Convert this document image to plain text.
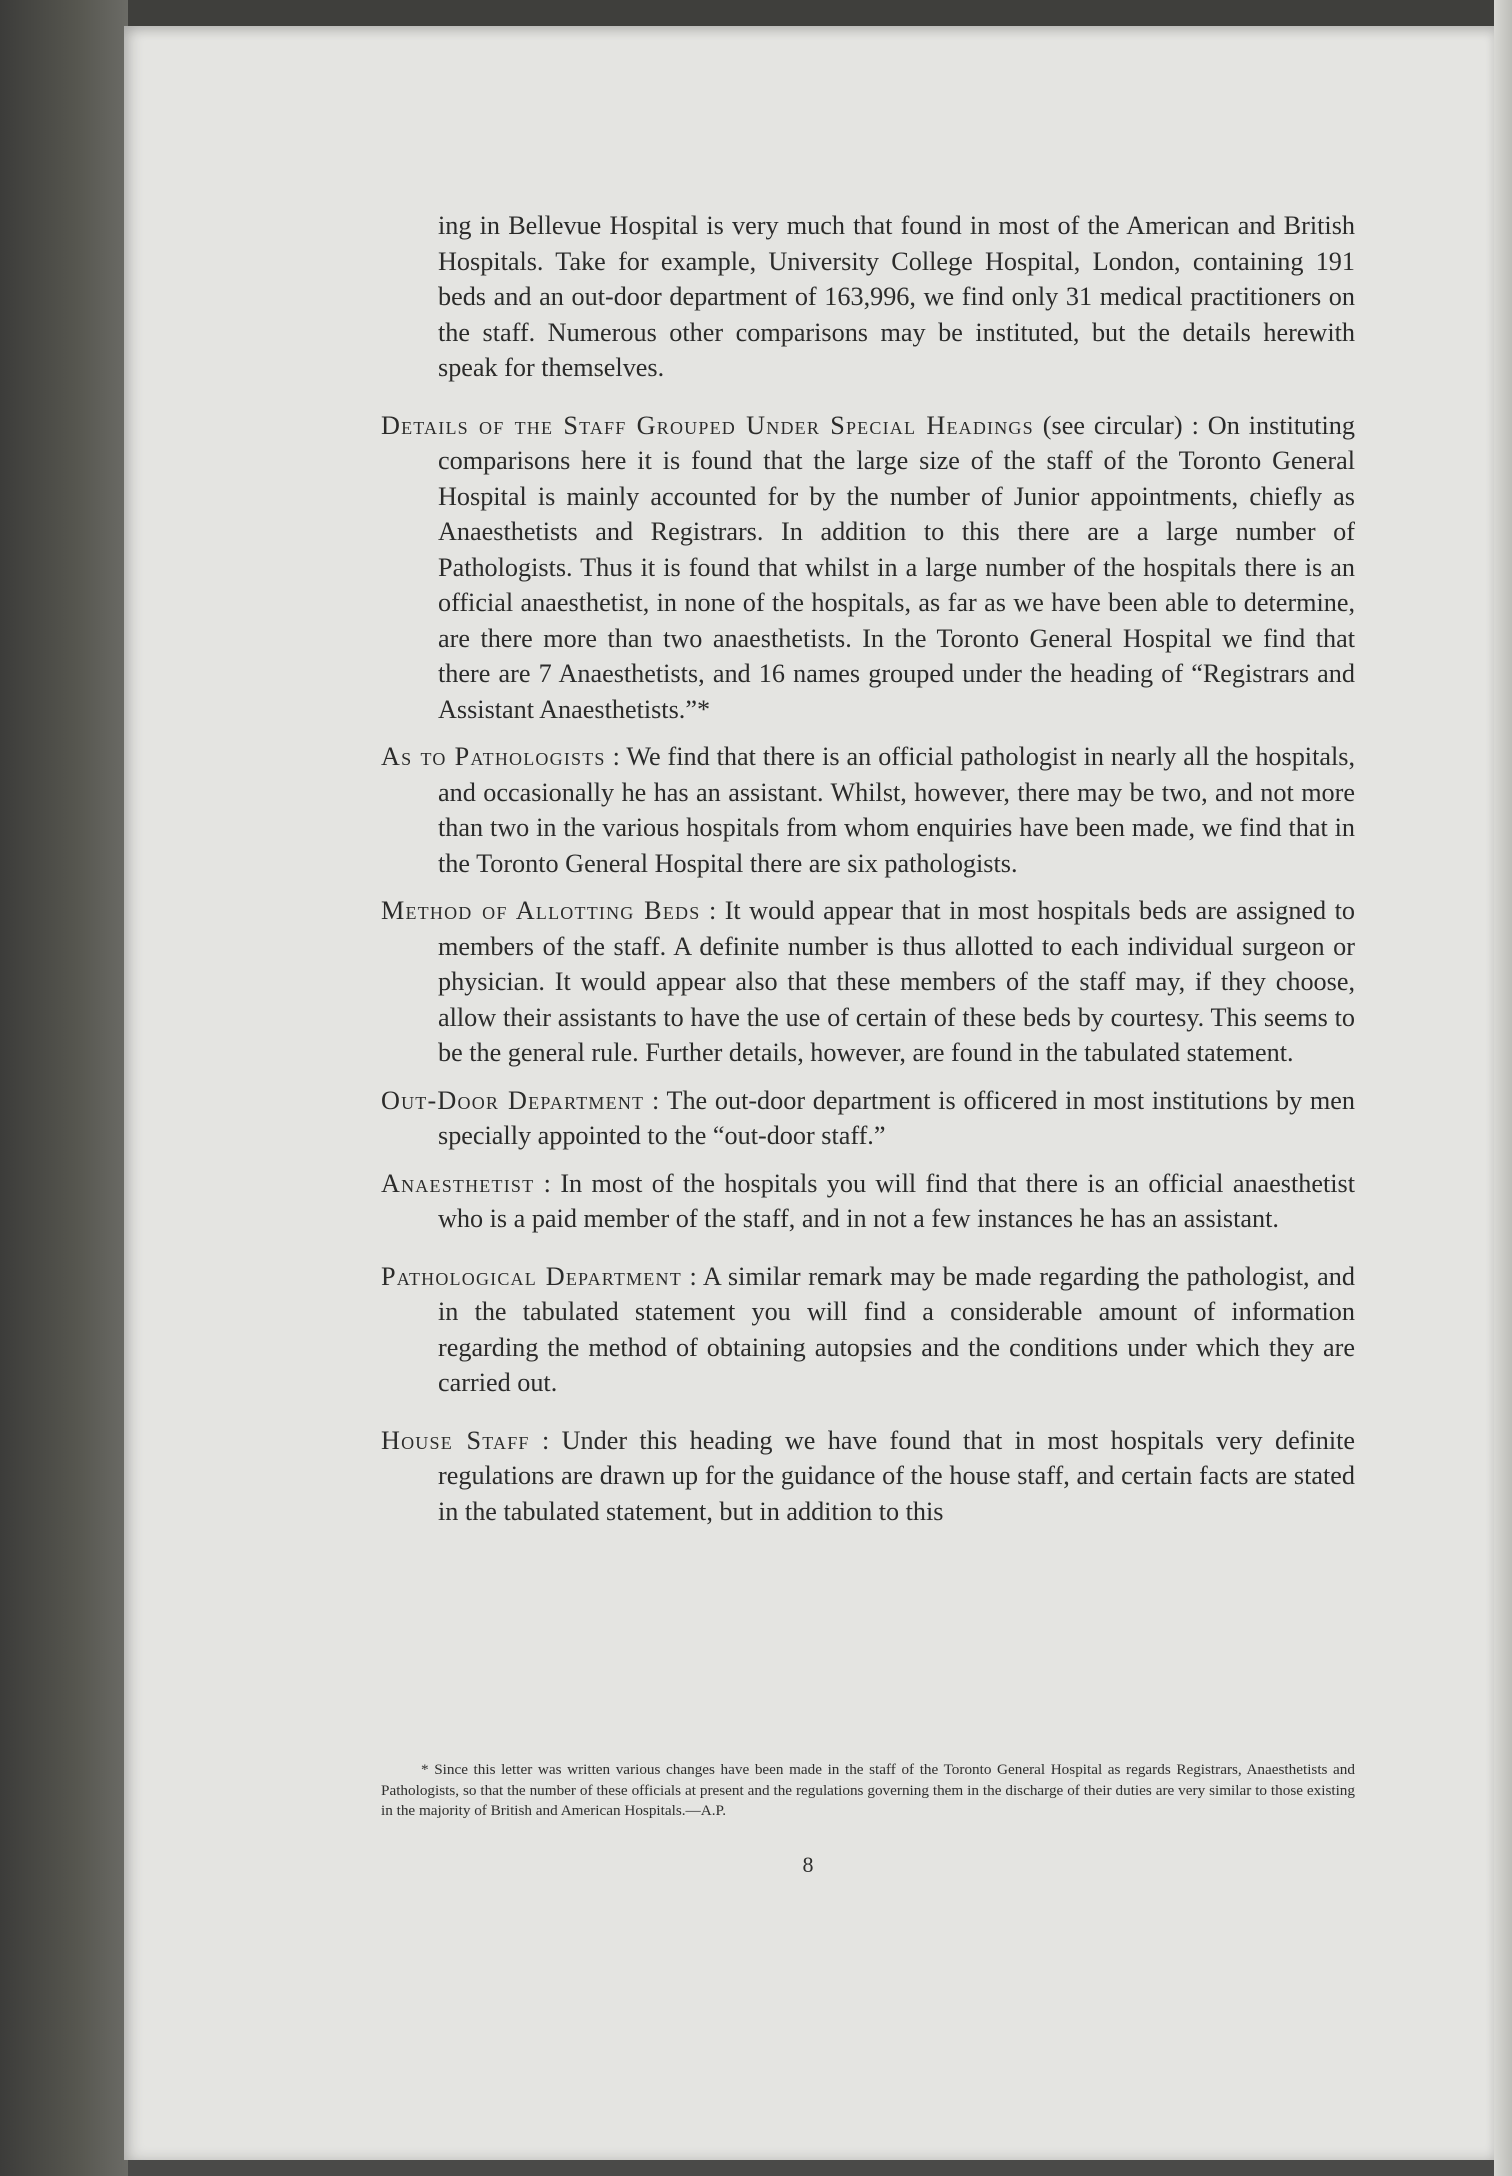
ing in Bellevue Hospital is very much that found in most of the American and British Hospitals. Take for example, University College Hospital, London, containing 191 beds and an out-door department of 163,996, we find only 31 medical practitioners on the staff. Numerous other comparisons may be instituted, but the details herewith speak for themselves.

Details of the Staff Grouped Under Special Headings (see circular) : On instituting comparisons here it is found that the large size of the staff of the Toronto General Hospital is mainly accounted for by the number of Junior appointments, chiefly as Anaesthetists and Registrars. In addition to this there are a large number of Pathologists. Thus it is found that whilst in a large number of the hospitals there is an official anaesthetist, in none of the hospitals, as far as we have been able to determine, are there more than two anaesthetists. In the Toronto General Hospital we find that there are 7 Anaesthetists, and 16 names grouped under the heading of “Registrars and Assistant Anaesthetists.”*

As to Pathologists : We find that there is an official pathologist in nearly all the hospitals, and occasionally he has an assistant. Whilst, however, there may be two, and not more than two in the various hospitals from whom enquiries have been made, we find that in the Toronto General Hospital there are six pathologists.

Method of Allotting Beds : It would appear that in most hospitals beds are assigned to members of the staff. A definite number is thus allotted to each individual surgeon or physician. It would appear also that these members of the staff may, if they choose, allow their assistants to have the use of certain of these beds by courtesy. This seems to be the general rule. Further details, however, are found in the tabulated statement.

Out-Door Department : The out-door department is officered in most institutions by men specially appointed to the “out-door staff.”

Anaesthetist : In most of the hospitals you will find that there is an official anaesthetist who is a paid member of the staff, and in not a few instances he has an assistant.

Pathological Department : A similar remark may be made regarding the pathologist, and in the tabulated statement you will find a considerable amount of information regarding the method of obtaining autopsies and the conditions under which they are carried out.

House Staff : Under this heading we have found that in most hospitals very definite regulations are drawn up for the guidance of the house staff, and certain facts are stated in the tabulated statement, but in addition to this

* Since this letter was written various changes have been made in the staff of the Toronto General Hospital as regards Registrars, Anaesthetists and Pathologists, so that the number of these officials at present and the regulations governing them in the discharge of their duties are very similar to those existing in the majority of British and American Hospitals.—A.P.

8
